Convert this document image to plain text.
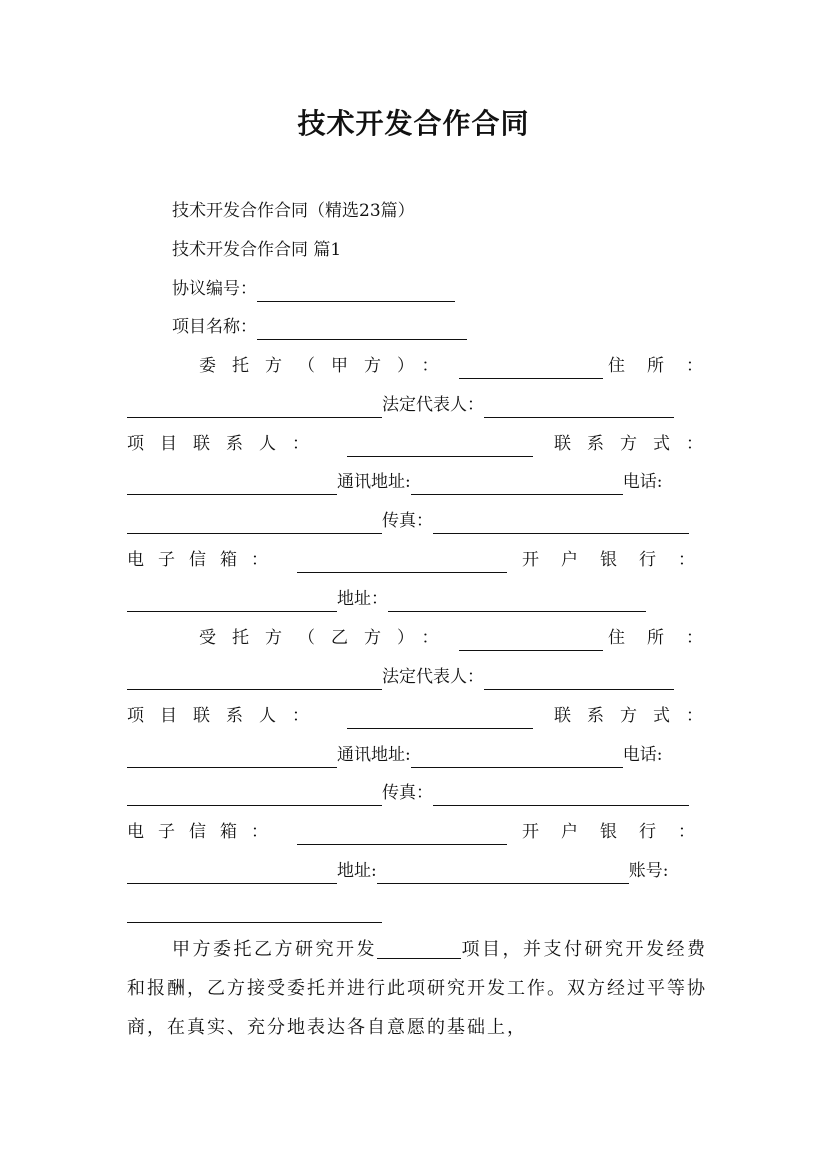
技术开发合作合同
技术开发合作合同（精选23篇）
技术开发合作合同 篇1
协议编号：
项目名称：
委托方（甲方）：	住所：
法定代表人：
项目联系人：	联系方式：
通讯地址:	电话:
传真：
电子信箱：	开户银行：
地址：
受托方（乙方）：	住所：
法定代表人：
项目联系人：	联系方式：
通讯地址:	电话:
传真：
电子信箱：	开户银行：
地址:	账号:
甲方委托乙方研究开发	项目，并支付研究开发经费和报酬，乙方接受委托并进行此项研究开发工作。双方经过平等协商，在真实、充分地表达各自意愿的基础上，
